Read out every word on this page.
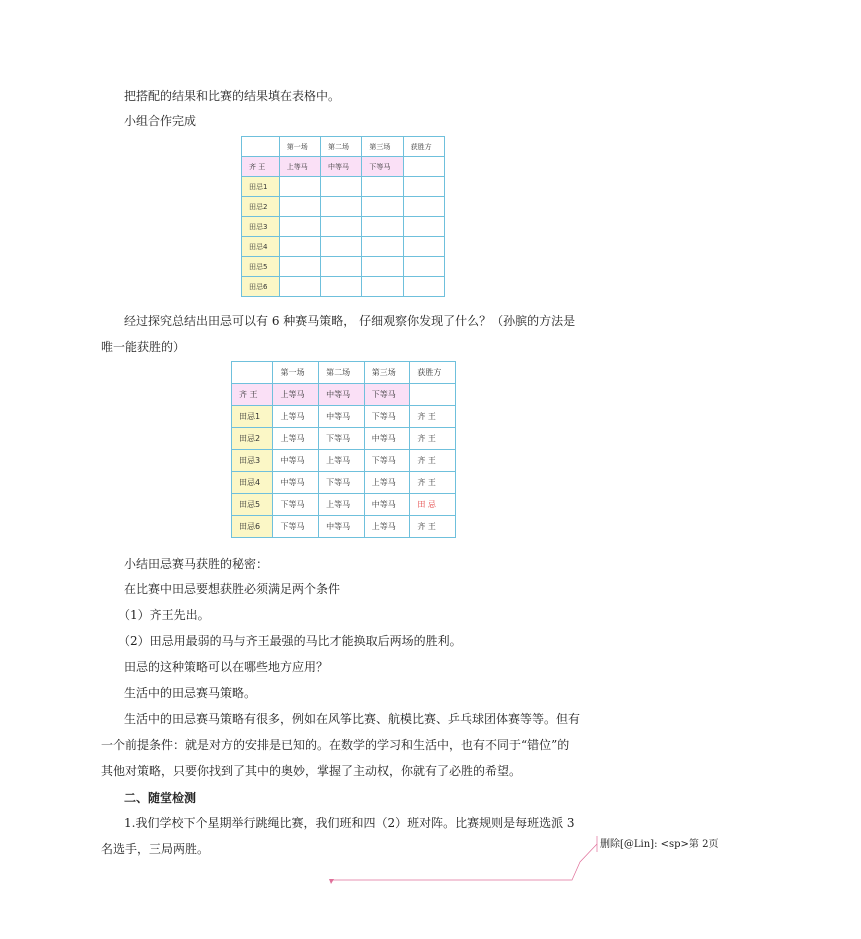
把搭配的结果和比赛的结果填在表格中。
小组合作完成
	第一场	第二场	第三场	获胜方
齐 王	上等马	中等马	下等马	
田忌1				
田忌2				
田忌3				
田忌4				
田忌5				
田忌6				
经过探究总结出田忌可以有 6 种赛马策略， 仔细观察你发现了什么？（孙膑的方法是
唯一能获胜的）
	第一场	第二场	第三场	获胜方
齐 王	上等马	中等马	下等马	
田忌1	上等马	中等马	下等马	齐 王
田忌2	上等马	下等马	中等马	齐 王
田忌3	中等马	上等马	下等马	齐 王
田忌4	中等马	下等马	上等马	齐 王
田忌5	下等马	上等马	中等马	田 忌
田忌6	下等马	中等马	上等马	齐 王
小结田忌赛马获胜的秘密：
在比赛中田忌要想获胜必须满足两个条件
（1）齐王先出。
（2）田忌用最弱的马与齐王最强的马比才能换取后两场的胜利。
田忌的这种策略可以在哪些地方应用？
生活中的田忌赛马策略。
生活中的田忌赛马策略有很多，例如在风筝比赛、航模比赛、乒乓球团体赛等等。但有
一个前提条件：就是对方的安排是已知的。在数学的学习和生活中，也有不同于“错位”的
其他对策略，只要你找到了其中的奥妙，掌握了主动权，你就有了必胜的希望。
二、随堂检测
1.我们学校下个星期举行跳绳比赛，我们班和四（2）班对阵。比赛规则是每班选派 3
名选手，三局两胜。	删除[@Lin]: <sp>第 2页
